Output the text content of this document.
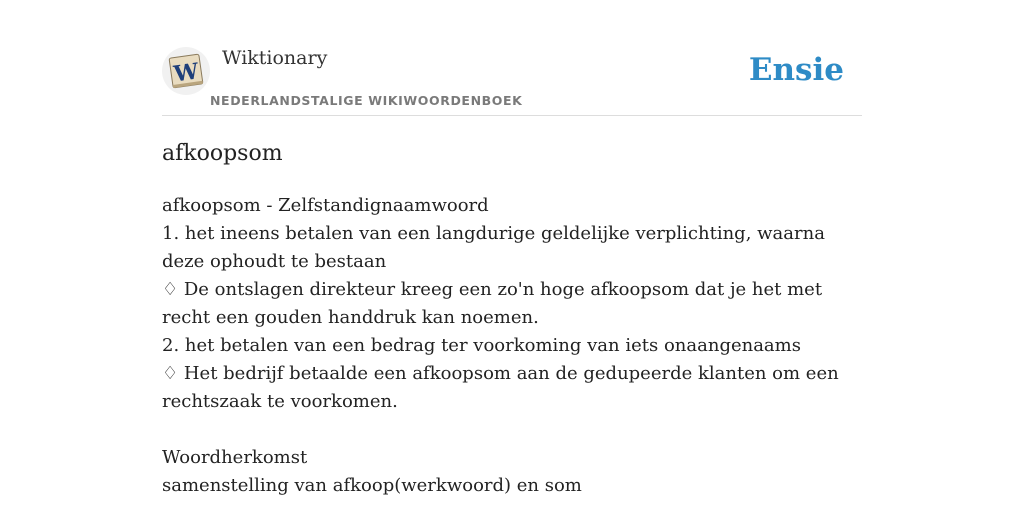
W
Wiktionary
NEDERLANDSTALIGE WIKIWOORDENBOEK
Ensie
afkoopsom
afkoopsom - Zelfstandignaamwoord
1. het ineens betalen van een langdurige geldelijke verplichting, waarna deze ophoudt te bestaan
♢ De ontslagen direkteur kreeg een zo'n hoge afkoopsom dat je het met recht een gouden handdruk kan noemen.
2. het betalen van een bedrag ter voorkoming van iets onaangenaams
♢ Het bedrijf betaalde een afkoopsom aan de gedupeerde klanten om een rechtszaak te voorkomen.
Woordherkomst
samenstelling van afkoop(werkwoord) en som
